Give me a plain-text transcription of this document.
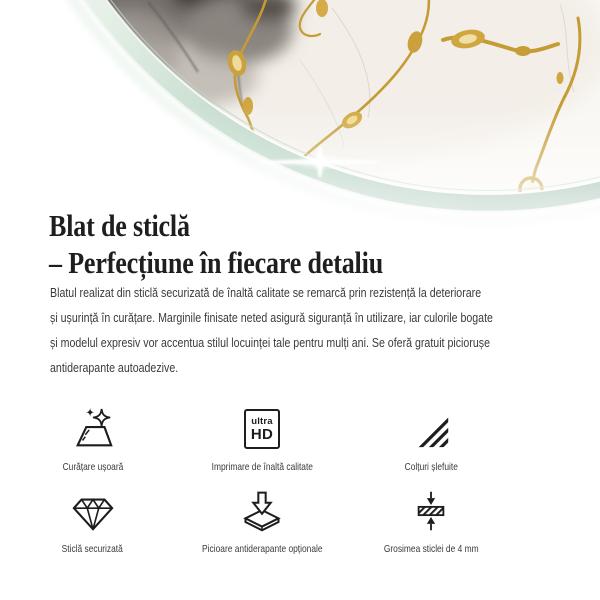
Blat de sticlă
– Perfecțiune în fiecare detaliu

Blatul realizat din sticlă securizată de înaltă calitate se remarcă prin rezistență la deteriorare
și ușurință în curățare. Marginile finisate neted asigură siguranță în utilizare, iar culorile bogate
și modelul expresiv vor accentua stilul locuinței tale pentru mulți ani. Se oferă gratuit piciorușe
antiderapante autoadezive.

Curățare ușoară
ultra
HD
Imprimare de înaltă calitate	Colțuri șlefuite
Sticlă securizată	Picioare antiderapante opționale	Grosimea sticlei de 4 mm
